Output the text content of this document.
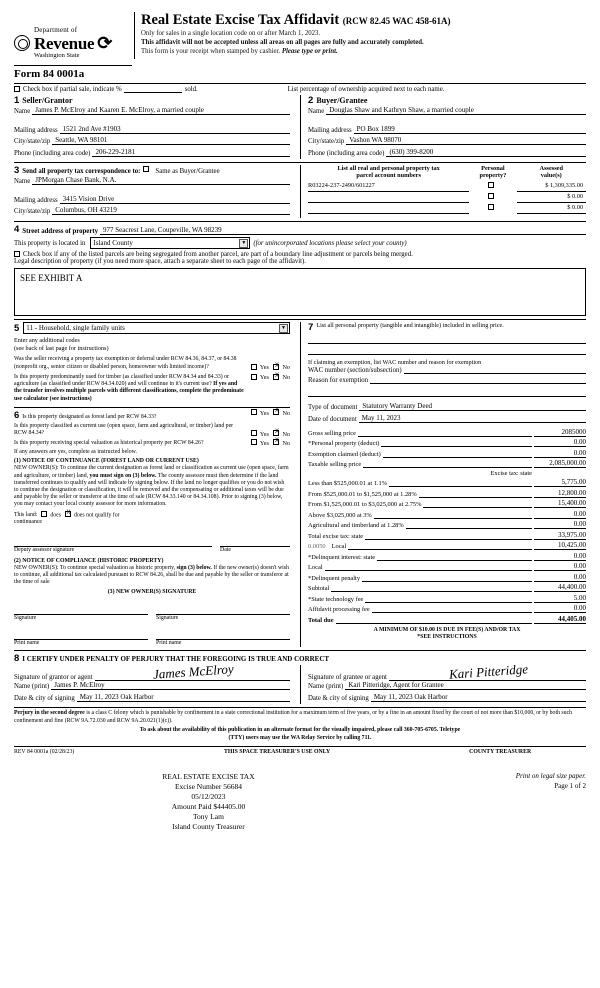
Department of
Revenue ⟳
Washington State
Form 84 0001a
Real Estate Excise Tax Affidavit (RCW 82.45 WAC 458-61A)
Only for sales in a single location code on or after March 1, 2023.
This affidavit will not be accepted unless all areas on all pages are fully and accurately completed.
This form is your receipt when stamped by cashier. Please type or print.
Check box if partial sale, indicate %	sold.	List percentage of ownership acquired next to each name.
1 Seller/Grantor
Name James P. McElroy and Kaaren E. McElroy, a married couple
Mailing address 1521 2nd Ave #1903
City/state/zip Seattle, WA 98101
Phone (including area code) 206-229-2181
2 Buyer/Grantee
Name Douglas Shaw and Kathryn Shaw, a married couple
Mailing address PO Box 1899
City/state/zip Vashon WA 98070
Phone (including area code) (630) 399-8200
3 Send all property tax correspondence to: Same as Buyer/Grantee
Name JPMorgan Chase Bank, N.A.
Mailing address 3415 Vision Drive
City/state/zip Columbus, OH 43219
List all real and personal property tax
parcel account numbers

Personal
property?

Assessed
value(s)

R03224-237-2490/601227		$ 1,309,335.00
		$ 0.00
		$ 0.00
4 Street address of property 977 Seacrest Lane, Coupeville, WA 98239
This property is located in Island County	▼ (for unincorporated locations please select your county)
Check box if any of the listed parcels are being segregated from another parcel, are part of a boundary line adjustment or parcels being merged.
Legal description of property (if you need more space, attach a separate sheet to each page of the affidavit).
SEE EXHIBIT A
5 11 - Household, single family units	▼
Enter any additional codes
(see back of last page for instructions)
Was the seller receiving a property tax exemption or deferral under RCW 84.36, 84.37, or 84.38 (nonprofit org., senior citizen or disabled person, homeowner with limited income)?	Yes XNo
Is this property predominantly used for timber (as classified under RCW 84.34 and 84.33) or agriculture (as classified under RCW 84.34.020) and will continue in it's current use? If yes and the transfer involves multiple parcels with different classifications, complete the predominate use calculator (see instructions)
Yes XNo
6 Is this property designated as forest land per RCW 84.33?	Yes XNo
Is this property classified as current use (open space, farm and agricultural, or timber) land per RCW 84.34?	Yes XNo
Is this property receiving special valuation as historical property per RCW 84.26?	Yes XNo
If any answers are yes, complete as instructed below.
(1) NOTICE OF CONTINUANCE (FOREST LAND OR CURRENT USE)
NEW OWNER(S): To continue the current designation as forest land or classification as current use (open space, farm and agriculture, or timber) land, you must sign on (3) below. The county assessor must then determine if the land transferred continues to qualify and will indicate by signing below. If the land no longer qualifies or you do not wish to continue the designation or classification, it will be removed and the compensating or additional taxes will be due and payable by the seller or transferor at the time of sale (RCW 84.33.140 or 84.34.108). Prior to signing (3) below, you may contact your local county assessor for more information.
This land:	does X	does not qualify for
continuance
Deputy assessor signature	Date
(2) NOTICE OF COMPLIANCE (HISTORIC PROPERTY)
NEW OWNER(S): To continue special valuation as historic property, sign (3) below. If the new owner(s) doesn't wish to continue, all additional tax calculated pursuant to RCW 84.26, shall be due and payable by the seller or transferor at the time of sale
(3) NEW OWNER(S) SIGNATURE
Signature	Signature
Print name	Print name
7 List all personal property (tangible and intangible) included in selling price.
If claiming an exemption, list WAC number and reason for exemption
WAC number (section/subsection)
Reason for exemption
Type of document Statutory Warranty Deed
Date of document May 11, 2023
Gross selling price	2085000
*Personal property (deduct)	0.00
Exemption claimed (deduct)	0.00
Taxable selling price	2,085,000.00
Excise tax: state
Less than $525,000.01 at 1.1%	5,775.00
From $525,000.01 to $1,525,000 at 1.28%	12,800.00
From $1,525,000.01 to $3,025,000 at 2.75%	15,400.00
Above $3,025,000 at 3%	0.00
Agricultural and timberland at 1.28%	0.00
Total excise tax: state	33,975.00
0.0050 Local	10,425.00
*Delinquent interest: state	0.00
Local	0.00
*Delinquent penalty	0.00
Subtotal	44,400.00
*State technology fee	5.00
Affidavit processing fee	0.00
Total due	44,405.00
A MINIMUM OF $10.00 IS DUE IN FEE(S) AND/OR TAX
*SEE INSTRUCTIONS
8 I CERTIFY UNDER PENALTY OF PERJURY THAT THE FOREGOING IS TRUE AND CORRECT
Signature of grantor or agent	James McElroy
Name (print) James P. McElroy
Date & city of signing May 11, 2023 Oak Harbor
Signature of grantee or agent	Kari Pitteridge
Name (print) Kari Pitteridge, Agent for Grantee
Date & city of signing May 11, 2023 Oak Harbor
Perjury in the second degree is a class C felony which is punishable by confinement in a state correctional institution for a maximum term of five years, or by a fine in an amount fixed by the court of not more than $10,000, or by both such confinement and fine (RCW 9A.72.030 and RCW 9A.20.021(1)(c)).
To ask about the availability of this publication in an alternate format for the visually impaired, please call 360-705-6705. Teletype
(TTY) users may use the WA Relay Service by calling 711.
REV 84 0001a (02/28/23)	THIS SPACE TREASURER'S USE ONLY	COUNTY TREASURER
REAL ESTATE EXCISE TAX
Excise Number 56684
05/12/2023
Amount Paid $44405.00
Tony Lam
Island County Treasurer
Print on legal size paper.
Page 1 of 2
